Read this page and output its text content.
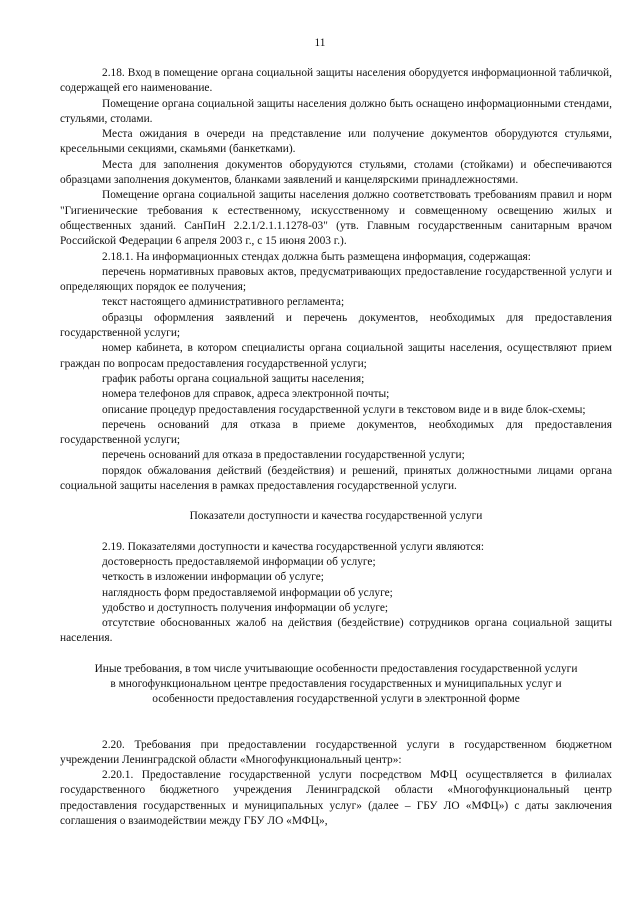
11

2.18. Вход в помещение органа социальной защиты населения оборудуется информационной табличкой, содержащей его наименование.

Помещение органа социальной защиты населения должно быть оснащено информационными стендами, стульями, столами.

Места ожидания в очереди на представление или получение документов оборудуются стульями, кресельными секциями, скамьями (банкетками).

Места для заполнения документов оборудуются стульями, столами (стойками) и обеспечиваются образцами заполнения документов, бланками заявлений и канцелярскими принадлежностями.

Помещение органа социальной защиты населения должно соответствовать требованиям правил и норм "Гигиенические требования к естественному, искусственному и совмещенному освещению жилых и общественных зданий. СанПиН 2.2.1/2.1.1.1278-03" (утв. Главным государственным санитарным врачом Российской Федерации 6 апреля 2003 г., с 15 июня 2003 г.).

2.18.1. На информационных стендах должна быть размещена информация, содержащая:

перечень нормативных правовых актов, предусматривающих предоставление государственной услуги и определяющих порядок ее получения;

текст настоящего административного регламента;

образцы оформления заявлений и перечень документов, необходимых для предоставления государственной услуги;

номер кабинета, в котором специалисты органа социальной защиты населения, осуществляют прием граждан по вопросам предоставления государственной услуги;

график работы органа социальной защиты населения;

номера телефонов для справок, адреса электронной почты;

описание процедур предоставления государственной услуги в текстовом виде и в виде блок-схемы;

перечень оснований для отказа в приеме документов, необходимых для предоставления государственной услуги;

перечень оснований для отказа в предоставлении государственной услуги;

порядок обжалования действий (бездействия) и решений, принятых должностными лицами органа социальной защиты населения в рамках предоставления государственной услуги.

Показатели доступности и качества государственной услуги

2.19. Показателями доступности и качества государственной услуги являются:

достоверность предоставляемой информации об услуге;

четкость в изложении информации об услуге;

наглядность форм предоставляемой информации об услуге;

удобство и доступность получения информации об услуге;

отсутствие обоснованных жалоб на действия (бездействие) сотрудников органа социальной защиты населения.

Иные требования, в том числе учитывающие особенности предоставления государственной услуги

в многофункциональном центре предоставления государственных и муниципальных услуг и

особенности предоставления государственной услуги в электронной форме

2.20. Требования при предоставлении государственной услуги в государственном бюджетном учреждении Ленинградской области «Многофункциональный центр»:

2.20.1. Предоставление государственной услуги посредством МФЦ осуществляется в филиалах государственного бюджетного учреждения Ленинградской области «Многофункциональный центр предоставления государственных и муниципальных услуг» (далее – ГБУ ЛО «МФЦ») с даты заключения соглашения о взаимодействии между ГБУ ЛО «МФЦ»,
